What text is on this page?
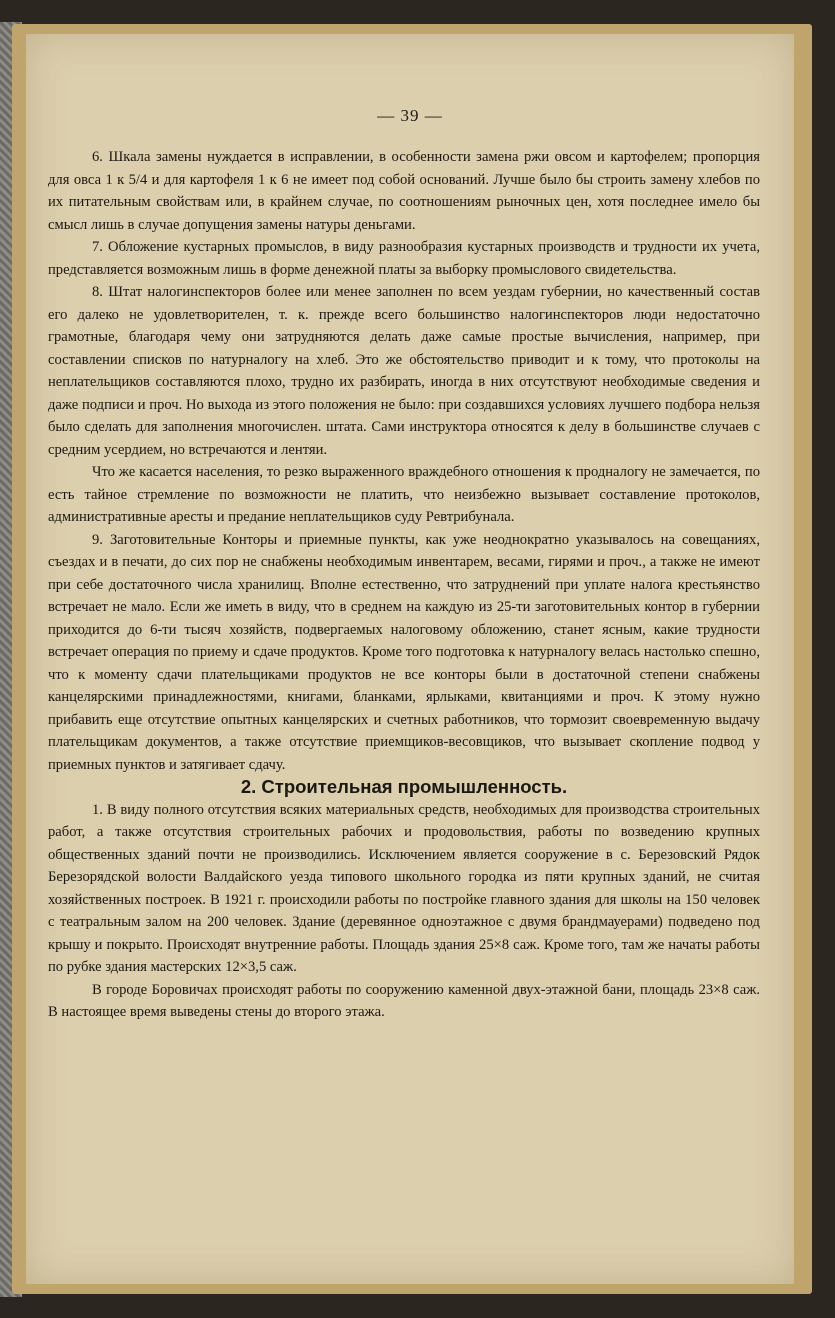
— 39 —

6. Шкала замены нуждается в исправлении, в особенности замена ржи овсом и картофелем; пропорция для овса 1 к 5/4 и для картофеля 1 к 6 не имеет под собой оснований. Лучше было бы строить замену хлебов по их питательным свойствам или, в крайнем случае, по соотношениям рыночных цен, хотя последнее имело бы смысл лишь в случае допущения замены натуры деньгами.

7. Обложение кустарных промыслов, в виду разнообразия кустарных производств и трудности их учета, представляется возможным лишь в форме денежной платы за выборку промыслового свидетельства.

8. Штат налогинспекторов более или менее заполнен по всем уездам губернии, но качественный состав его далеко не удовлетворителен, т. к. прежде всего большинство налогинспекторов люди недостаточно грамотные, благодаря чему они затрудняются делать даже самые простые вычисления, например, при составлении списков по натурналогу на хлеб. Это же обстоятельство приводит и к тому, что протоколы на неплательщиков составляются плохо, трудно их разбирать, иногда в них отсутствуют необходимые сведения и даже подписи и проч. Но выхода из этого положения не было: при создавшихся условиях лучшего подбора нельзя было сделать для заполнения многочислен. штата. Сами инструктора относятся к делу в большинстве случаев с средним усердием, но встречаются и лентяи.

Что же касается населения, то резко выраженного враждебного отношения к продналогу не замечается, по есть тайное стремление по возможности не платить, что неизбежно вызывает составление протоколов, административные аресты и предание неплательщиков суду Ревтрибунала.

9. Заготовительные Конторы и приемные пункты, как уже неоднократно указывалось на совещаниях, съездах и в печати, до сих пор не снабжены необходимым инвентарем, весами, гирями и проч., а также не имеют при себе достаточного числа хранилищ. Вполне естественно, что затруднений при уплате налога крестьянство встречает не мало. Если же иметь в виду, что в среднем на каждую из 25-ти заготовительных контор в губернии приходится до 6-ти тысяч хозяйств, подвергаемых налоговому обложению, станет ясным, какие трудности встречает операция по приему и сдаче продуктов. Кроме того подготовка к натурналогу велась настолько спешно, что к моменту сдачи плательщиками продуктов не все конторы были в достаточной степени снабжены канцелярскими принадлежностями, книгами, бланками, ярлыками, квитанциями и проч. К этому нужно прибавить еще отсутствие опытных канцелярских и счетных работников, что тормозит своевременную выдачу плательщикам документов, а также отсутствие приемщиков-весовщиков, что вызывает скопление подвод у приемных пунктов и затягивает сдачу.

2. Строительная промышленность.

1. В виду полного отсутствия всяких материальных средств, необходимых для производства строительных работ, а также отсутствия строительных рабочих и продовольствия, работы по возведению крупных общественных зданий почти не производились. Исключением является сооружение в с. Березовский Рядок Березорядской волости Валдайского уезда типового школьного городка из пяти крупных зданий, не считая хозяйственных построек. В 1921 г. происходили работы по постройке главного здания для школы на 150 человек с театральным залом на 200 человек. Здание (деревянное одноэтажное с двумя брандмауерами) подведено под крышу и покрыто. Происходят внутренние работы. Площадь здания 25×8 саж. Кроме того, там же начаты работы по рубке здания мастерских 12×3,5 саж.

В городе Боровичах происходят работы по сооружению каменной двух-этажной бани, площадь 23×8 саж. В настоящее время выведены стены до второго этажа.
